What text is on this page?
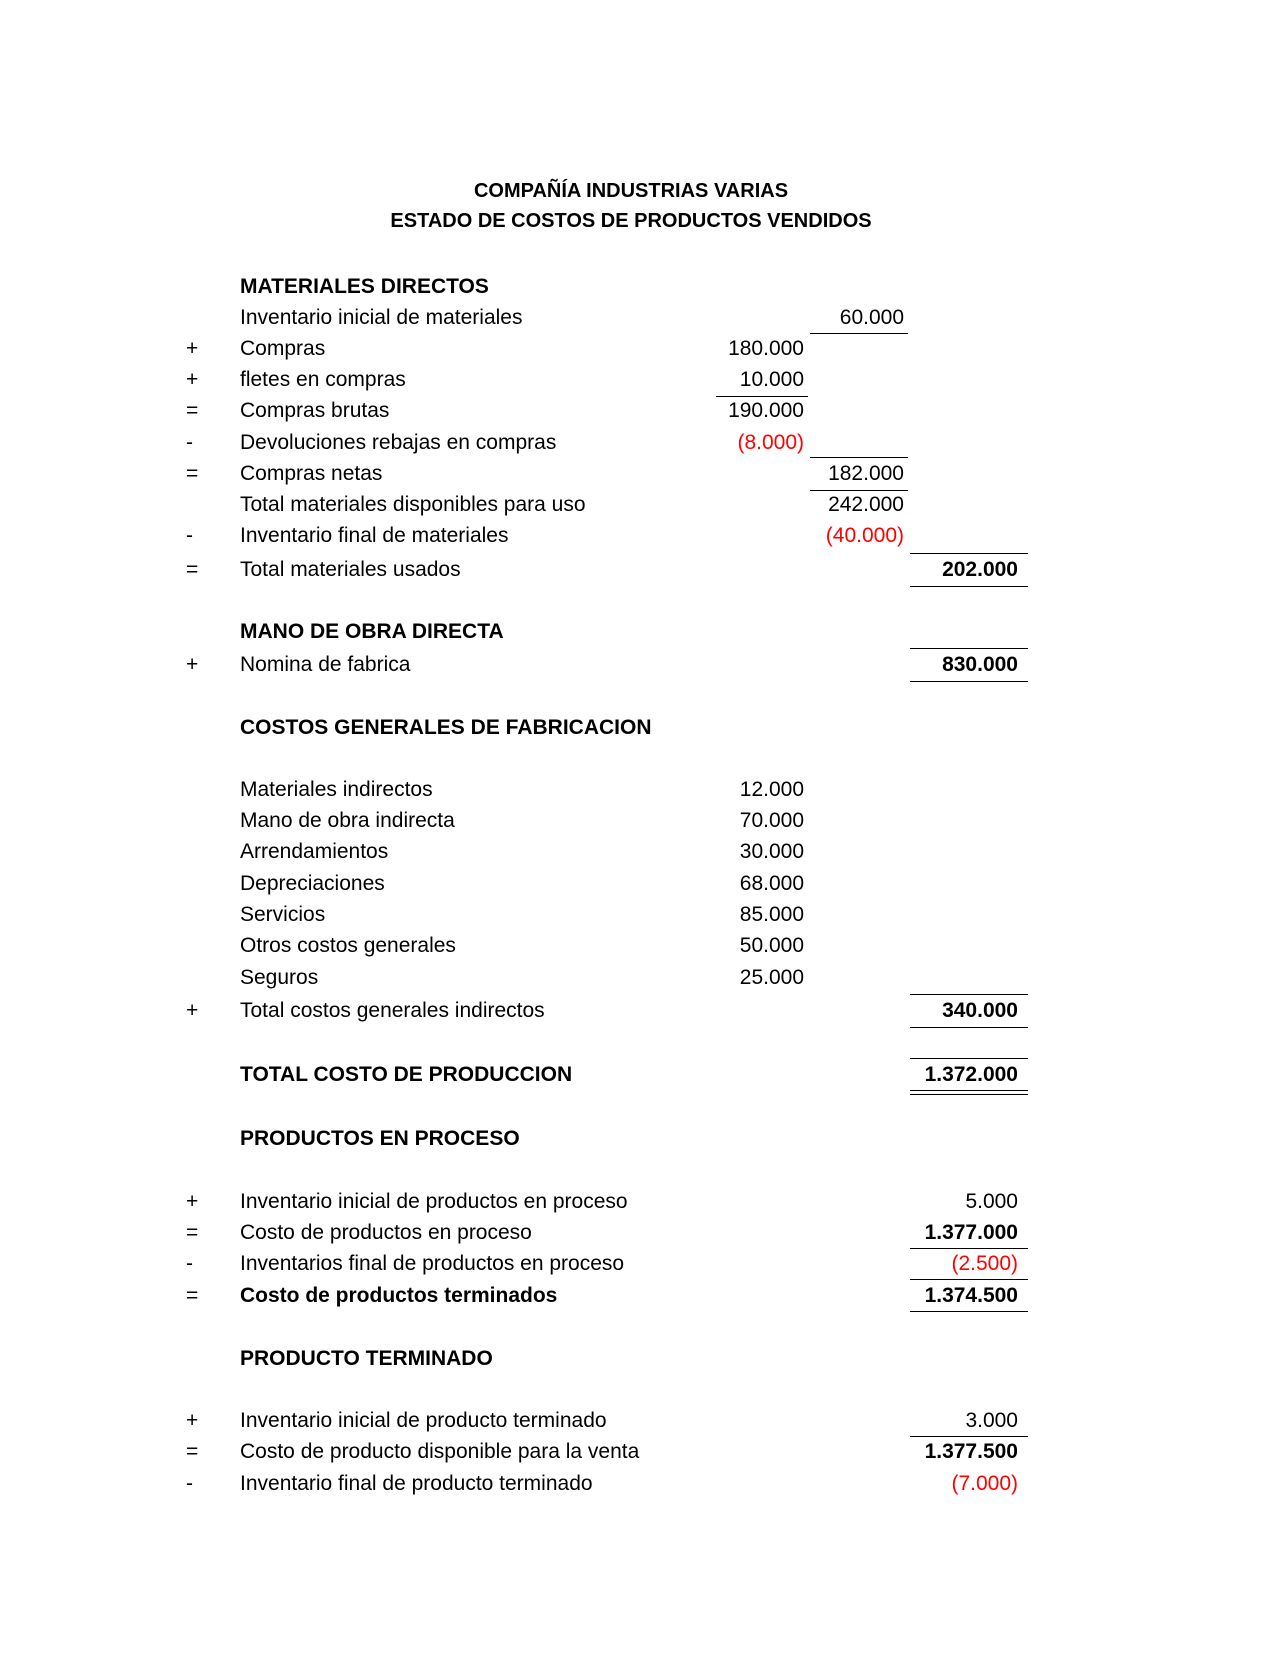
COMPAÑÍA INDUSTRIAS VARIAS
ESTADO DE COSTOS DE PRODUCTOS VENDIDOS
MATERIALES DIRECTOS
Inventario inicial de materiales	60.000
+	Compras	180.000
+	fletes en compras	10.000
=	Compras brutas	190.000
-	Devoluciones rebajas en compras	(8.000)
=	Compras netas	182.000
Total materiales disponibles para uso	242.000
-	Inventario final de materiales	(40.000)
=	Total materiales usados	202.000
MANO DE OBRA DIRECTA
+	Nomina de fabrica	830.000
COSTOS GENERALES DE FABRICACION
Materiales indirectos	12.000
Mano de obra indirecta	70.000
Arrendamientos	30.000
Depreciaciones	68.000
Servicios	85.000
Otros costos generales	50.000
Seguros	25.000
+	Total costos generales indirectos	340.000
TOTAL COSTO DE PRODUCCION	1.372.000
PRODUCTOS EN PROCESO
+	Inventario inicial de productos en proceso	5.000
=	Costo de productos en proceso	1.377.000
-	Inventarios final de productos en proceso	(2.500)
=	Costo de productos terminados	1.374.500
PRODUCTO TERMINADO
+	Inventario inicial de producto terminado	3.000
=	Costo de producto disponible para la venta	1.377.500
-	Inventario final de producto terminado	(7.000)
